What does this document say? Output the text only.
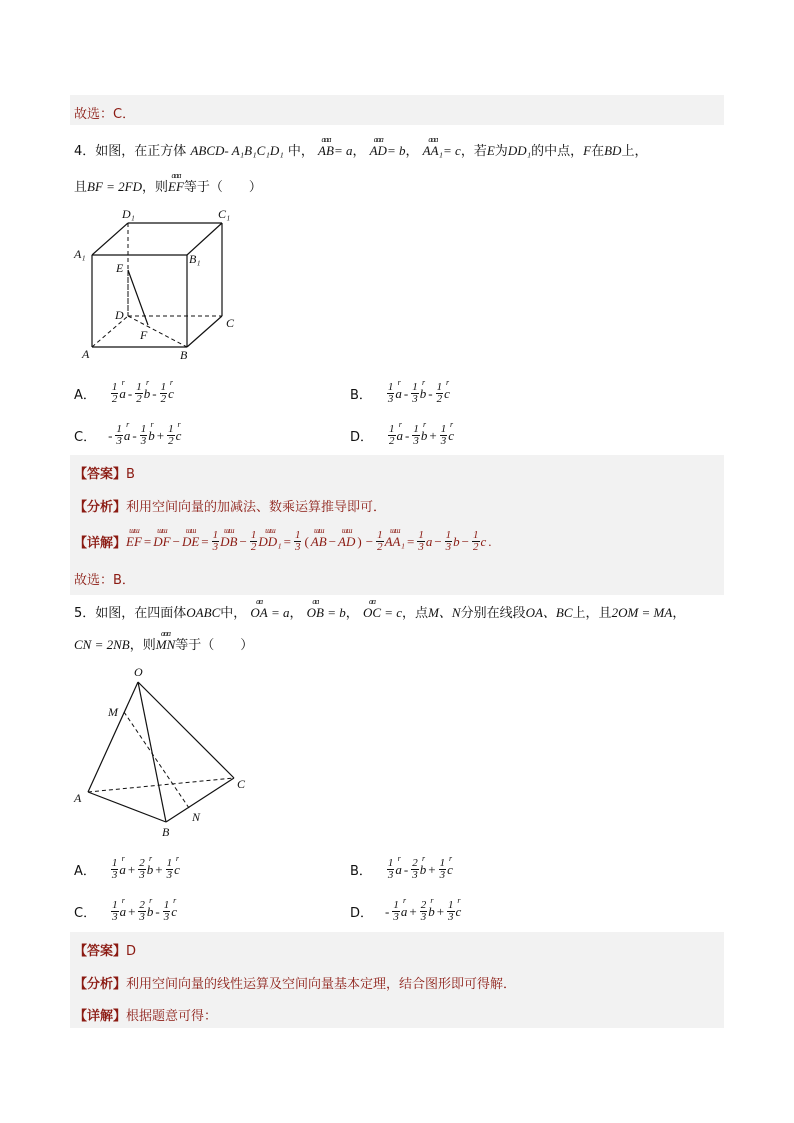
故选：C．
4．如图，在正方体 ABCD- A₁B₁C₁D₁ 中，
ɑɑɑ
AB= a，
ɑɑɑ
AD= b，
ɑɑɑ
AA₁= c，若E为DD₁的中点，F在BD上，
且BF = 2FD，则
ɑɑɑ
EF等于（　　）
D₁	C₁
A₁	B₁
E
D
C
F
A	B
A． $\frac{1}{2}$ r
a - $\frac{1}{2}$ r
b - $\frac{1}{2}$ r
c	B． $\frac{1}{3}$ r
a - $\frac{1}{3}$ r
b - $\frac{1}{2}$ r
c
C． - $\frac{1}{3}$ r
a - $\frac{1}{3}$ r
$b + \frac{1}{2}$ r
c	D． $\frac{1}{2}$ r
a - $\frac{1}{3}$ r
$b + \frac{1}{3}$ r
c
【答案】B
【分析】利用空间向量的加减法、数乘运算推导即可．
【详解】
ɯɯ
EF =
ɯɯ
DF −
ɯɯ
DE = $\frac{1}{3}$ ɯɯ
DB − $\frac{1}{2}$ ɯɯ
$DD_1 = \frac{1}{3}$ (
ɯɯ
AB −
ɯɯ
AD ) − $\frac{1}{2}$ ɯɯ
$AA_1 = \frac{1}{3}$ $a - \frac{1}{3}$ $b - \frac{1}{2}$ c .
故选：B．
5．如图，在四面体OABC中，
ɑɑ
OA = a，
ɑɑ
OB = b，
ɑɑ
OC = c，点M、N分别在线段OA、BC上，且2OM = MA，
CN = 2NB，则
ɑɑɑ
MN等于（　　）
O
M
C
A
N
B
A． $\frac{1}{3}$ r
$a + \frac{2}{3}$ r
$b + \frac{1}{3}$ r
c	B． $\frac{1}{3}$ r
a - $\frac{2}{3}$ r
$b + \frac{1}{3}$ r
c
C． $\frac{1}{3}$ r
$a + \frac{2}{3}$ r
b - $\frac{1}{3}$ r
c	D． - $\frac{1}{3}$ r
$a + \frac{2}{3}$ r
$b + \frac{1}{3}$ r
c
【答案】D
【分析】利用空间向量的线性运算及空间向量基本定理，结合图形即可得解．
【详解】根据题意可得：
